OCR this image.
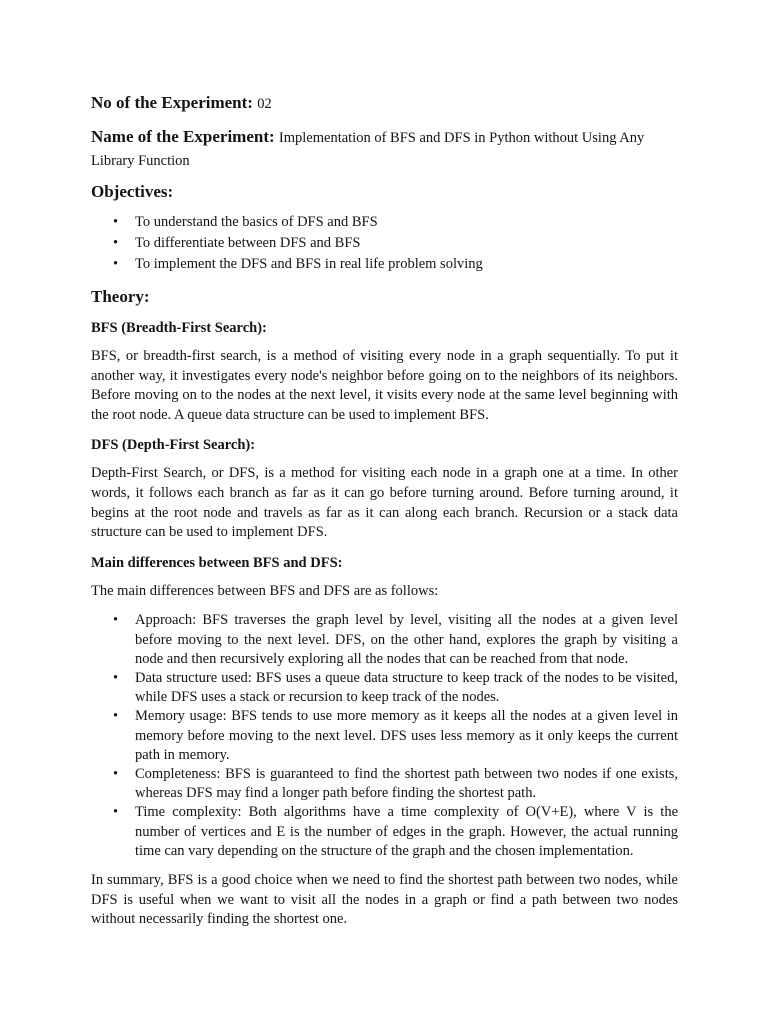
No of the Experiment: 02

Name of the Experiment: Implementation of BFS and DFS in Python without Using Any Library Function

Objectives:
• To understand the basics of DFS and BFS
• To differentiate between DFS and BFS
• To implement the DFS and BFS in real life problem solving
Theory:
BFS (Breadth-First Search):

BFS, or breadth-first search, is a method of visiting every node in a graph sequentially. To put it another way, it investigates every node's neighbor before going on to the neighbors of its neighbors. Before moving on to the nodes at the next level, it visits every node at the same level beginning with the root node. A queue data structure can be used to implement BFS.

DFS (Depth-First Search):

Depth-First Search, or DFS, is a method for visiting each node in a graph one at a time. In other words, it follows each branch as far as it can go before turning around. Before turning around, it begins at the root node and travels as far as it can along each branch. Recursion or a stack data structure can be used to implement DFS.

Main differences between BFS and DFS:

The main differences between BFS and DFS are as follows:

• Approach: BFS traverses the graph level by level, visiting all the nodes at a given level before moving to the next level. DFS, on the other hand, explores the graph by visiting a node and then recursively exploring all the nodes that can be reached from that node.
• Data structure used: BFS uses a queue data structure to keep track of the nodes to be visited, while DFS uses a stack or recursion to keep track of the nodes.
• Memory usage: BFS tends to use more memory as it keeps all the nodes at a given level in memory before moving to the next level. DFS uses less memory as it only keeps the current path in memory.
• Completeness: BFS is guaranteed to find the shortest path between two nodes if one exists, whereas DFS may find a longer path before finding the shortest path.
• Time complexity: Both algorithms have a time complexity of O(V+E), where V is the number of vertices and E is the number of edges in the graph. However, the actual running time can vary depending on the structure of the graph and the chosen implementation.

In summary, BFS is a good choice when we need to find the shortest path between two nodes, while DFS is useful when we want to visit all the nodes in a graph or find a path between two nodes without necessarily finding the shortest one.
